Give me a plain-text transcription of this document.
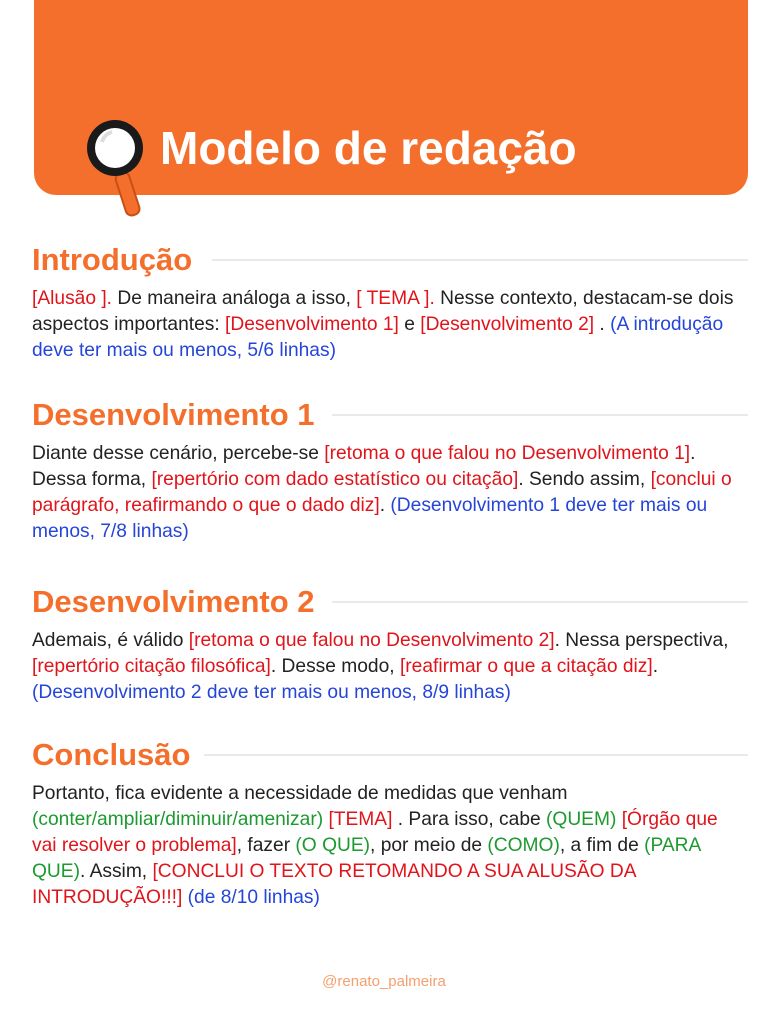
Modelo de redação
Introdução

[Alusão ]. De maneira análoga a isso, [ TEMA ]. Nesse contexto, destacam-se dois aspectos importantes: [Desenvolvimento 1] e [Desenvolvimento 2] . (A introdução deve ter mais ou menos, 5/6 linhas)

Desenvolvimento 1

Diante desse cenário, percebe-se [retoma o que falou no Desenvolvimento 1]. Dessa forma, [repertório com dado estatístico ou citação]. Sendo assim, [conclui o parágrafo, reafirmando o que o dado diz]. (Desenvolvimento 1 deve ter mais ou menos, 7/8 linhas)

Desenvolvimento 2

Ademais, é válido [retoma o que falou no Desenvolvimento 2]. Nessa perspectiva, [repertório citação filosófica]. Desse modo, [reafirmar o que a citação diz]. (Desenvolvimento 2 deve ter mais ou menos, 8/9 linhas)

Conclusão

Portanto, fica evidente a necessidade de medidas que venham (conter/ampliar/diminuir/amenizar) [TEMA] . Para isso, cabe (QUEM) [Órgão que vai resolver o problema], fazer (O QUE), por meio de (COMO), a fim de (PARA QUE). Assim, [CONCLUI O TEXTO RETOMANDO A SUA ALUSÃO DA INTRODUÇÃO!!!] (de 8/10 linhas)

@renato_palmeira
